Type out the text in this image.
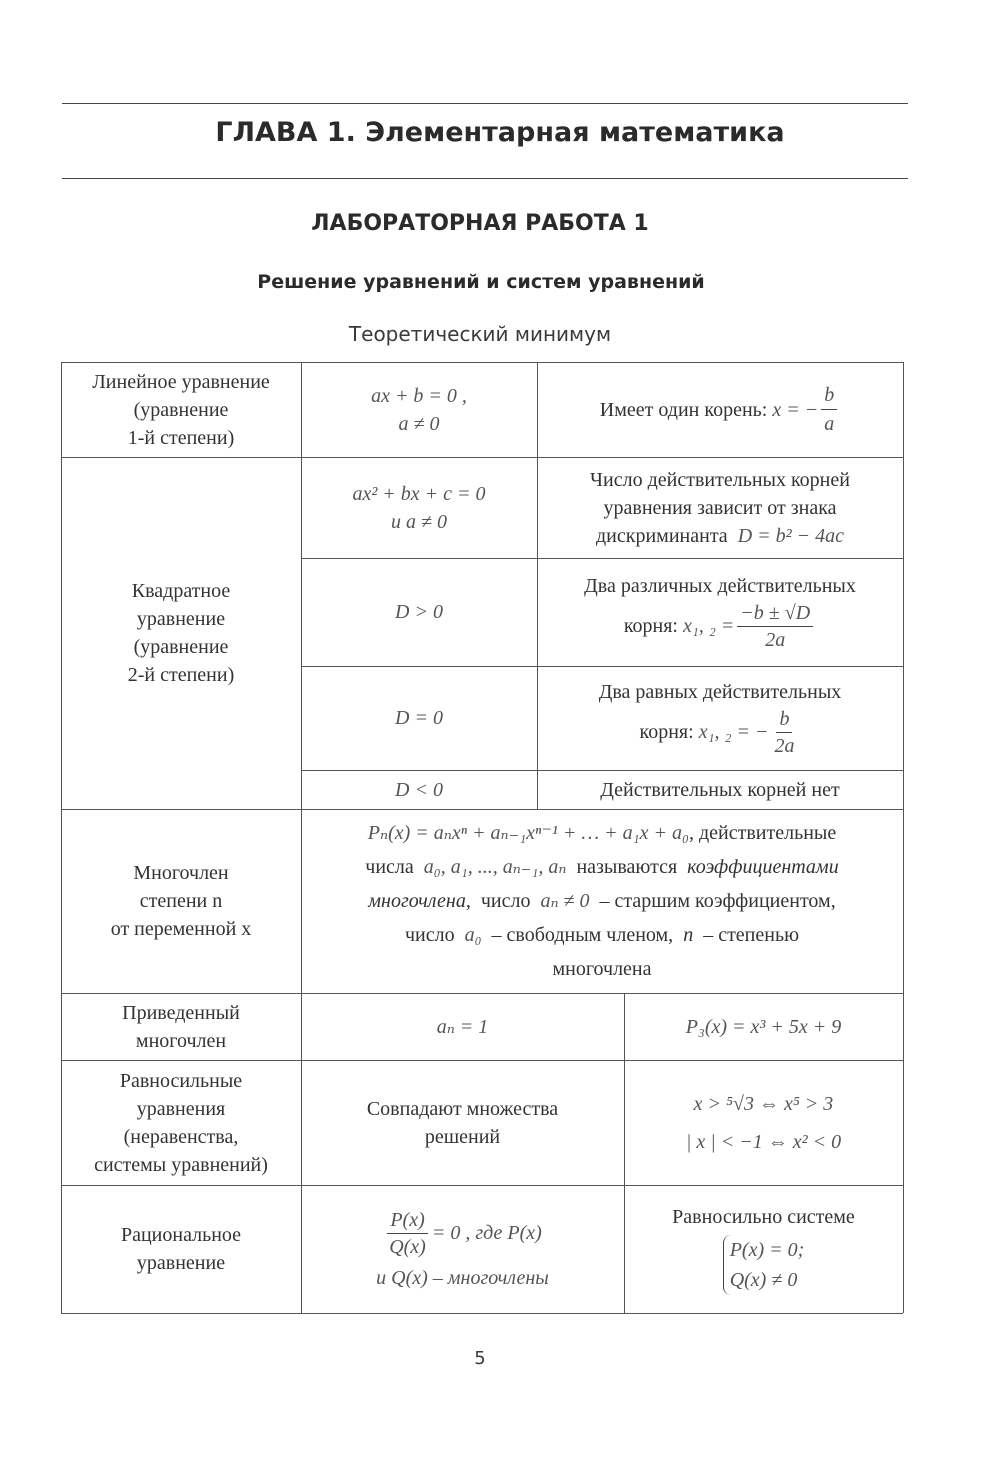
ГЛАВА 1. Элементарная математика
ЛАБОРАТОРНАЯ РАБОТА 1
Решение уравнений и систем уравнений
Теоретический минимум
Линейное уравнение
(уравнение
1-й степени)
ax + b = 0 ,
a ≠ 0
Имеет один корень:
x = − $\frac{b}{a}$
Квадратное
уравнение
(уравнение
2-й степени)
ax² + bx + c = 0
и a ≠ 0
Число действительных корней
уравнения зависит от знака
дискриминанта D = b² − 4ac
D > 0
Два различных действительных
корня:
x₁, $_2 = \frac{-b \pm √D}{2a}$
D = 0
Два равных действительных
корня:
x₁, ₂ = − $\frac{b}{2a}$
D < 0	Действительных корней нет
Многочлен
степени n
от переменной x
Pₙ(x) = aₙxⁿ + aₙ₋₁xⁿ⁻¹ + … + a₁x + a₀, действительные
числа a₀, a₁, ..., aₙ₋₁, aₙ называются коэффициентами
многочлена, число aₙ ≠ 0 – старшим коэффициентом,
число a₀ – свободным членом, n – степенью
многочлена
Приведенный
многочлен
aₙ = 1	P₃(x) = x³ + 5x + 9
Равносильные
уравнения
(неравенства,
системы уравнений)
Совпадают множества
решений
x > ⁵√3 ⇔ x⁵ > 3
| x | < −1 ⇔ x² < 0
Рациональное
уравнение
$\frac{P(x)}{Q(x)} = 0$ , где P(x)
и Q(x) – многочлены
Равносильно системе
P(x) = 0;
Q(x) ≠ 0
5
